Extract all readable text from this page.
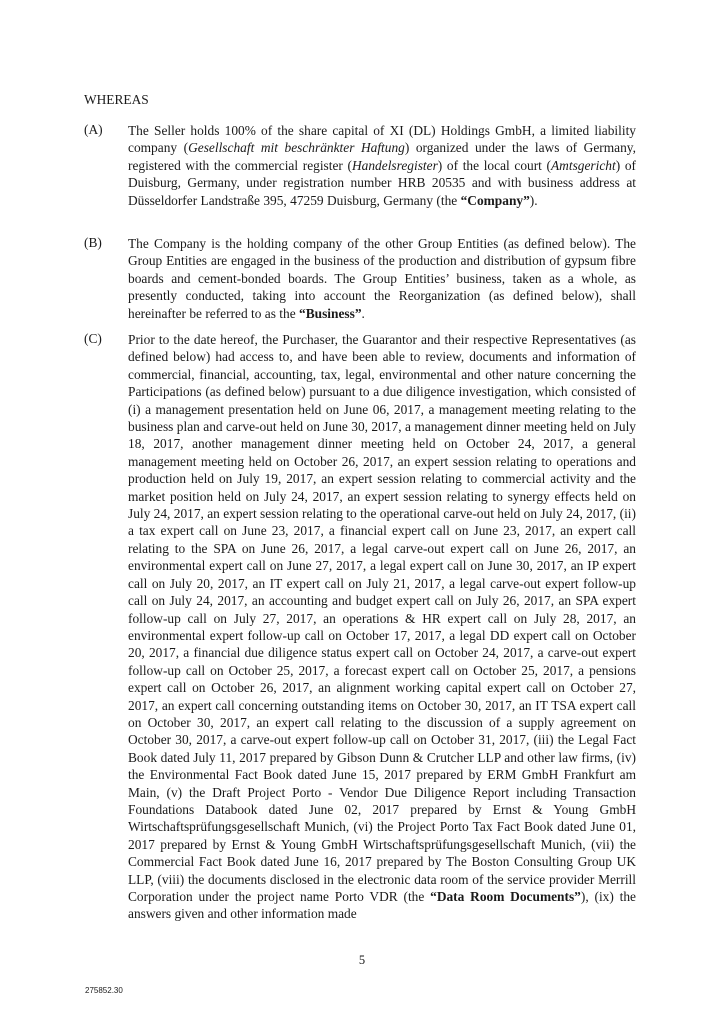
WHEREAS
(A) The Seller holds 100% of the share capital of XI (DL) Holdings GmbH, a limited liability company (Gesellschaft mit beschränkter Haftung) organized under the laws of Germany, registered with the commercial register (Handelsregister) of the local court (Amtsgericht) of Duisburg, Germany, under registration number HRB 20535 and with business address at Düsseldorfer Landstraße 395, 47259 Duisburg, Germany (the “Company”).
(B) The Company is the holding company of the other Group Entities (as defined below). The Group Entities are engaged in the business of the production and distribution of gypsum fibre boards and cement-bonded boards. The Group Entities’ business, taken as a whole, as presently conducted, taking into account the Reorganization (as defined below), shall hereinafter be referred to as the “Business”.
(C) Prior to the date hereof, the Purchaser, the Guarantor and their respective Representatives (as defined below) had access to, and have been able to review, documents and information of commercial, financial, accounting, tax, legal, environmental and other nature concerning the Participations (as defined below) pursuant to a due diligence investigation, which consisted of (i) a management presentation held on June 06, 2017, a management meeting relating to the business plan and carve-out held on June 30, 2017, a management dinner meeting held on July 18, 2017, another management dinner meeting held on October 24, 2017, a general management meeting held on October 26, 2017, an expert session relating to operations and production held on July 19, 2017, an expert session relating to commercial activity and the market position held on July 24, 2017, an expert session relating to synergy effects held on July 24, 2017, an expert session relating to the operational carve-out held on July 24, 2017, (ii) a tax expert call on June 23, 2017, a financial expert call on June 23, 2017, an expert call relating to the SPA on June 26, 2017, a legal carve-out expert call on June 26, 2017, an environmental expert call on June 27, 2017, a legal expert call on June 30, 2017, an IP expert call on July 20, 2017, an IT expert call on July 21, 2017, a legal carve-out expert follow-up call on July 24, 2017, an accounting and budget expert call on July 26, 2017, an SPA expert follow-up call on July 27, 2017, an operations & HR expert call on July 28, 2017, an environmental expert follow-up call on October 17, 2017, a legal DD expert call on October 20, 2017, a financial due diligence status expert call on October 24, 2017, a carve-out expert follow-up call on October 25, 2017, a forecast expert call on October 25, 2017, a pensions expert call on October 26, 2017, an alignment working capital expert call on October 27, 2017, an expert call concerning outstanding items on October 30, 2017, an IT TSA expert call on October 30, 2017, an expert call relating to the discussion of a supply agreement on October 30, 2017, a carve-out expert follow-up call on October 31, 2017, (iii) the Legal Fact Book dated July 11, 2017 prepared by Gibson Dunn & Crutcher LLP and other law firms, (iv) the Environmental Fact Book dated June 15, 2017 prepared by ERM GmbH Frankfurt am Main, (v) the Draft Project Porto - Vendor Due Diligence Report including Transaction Foundations Databook dated June 02, 2017 prepared by Ernst & Young GmbH Wirtschaftsprüfungsgesellschaft Munich, (vi) the Project Porto Tax Fact Book dated June 01, 2017 prepared by Ernst & Young GmbH Wirtschaftsprüfungsgesellschaft Munich, (vii) the Commercial Fact Book dated June 16, 2017 prepared by The Boston Consulting Group UK LLP, (viii) the documents disclosed in the electronic data room of the service provider Merrill Corporation under the project name Porto VDR (the “Data Room Documents”), (ix) the answers given and other information made
5
275852.30
